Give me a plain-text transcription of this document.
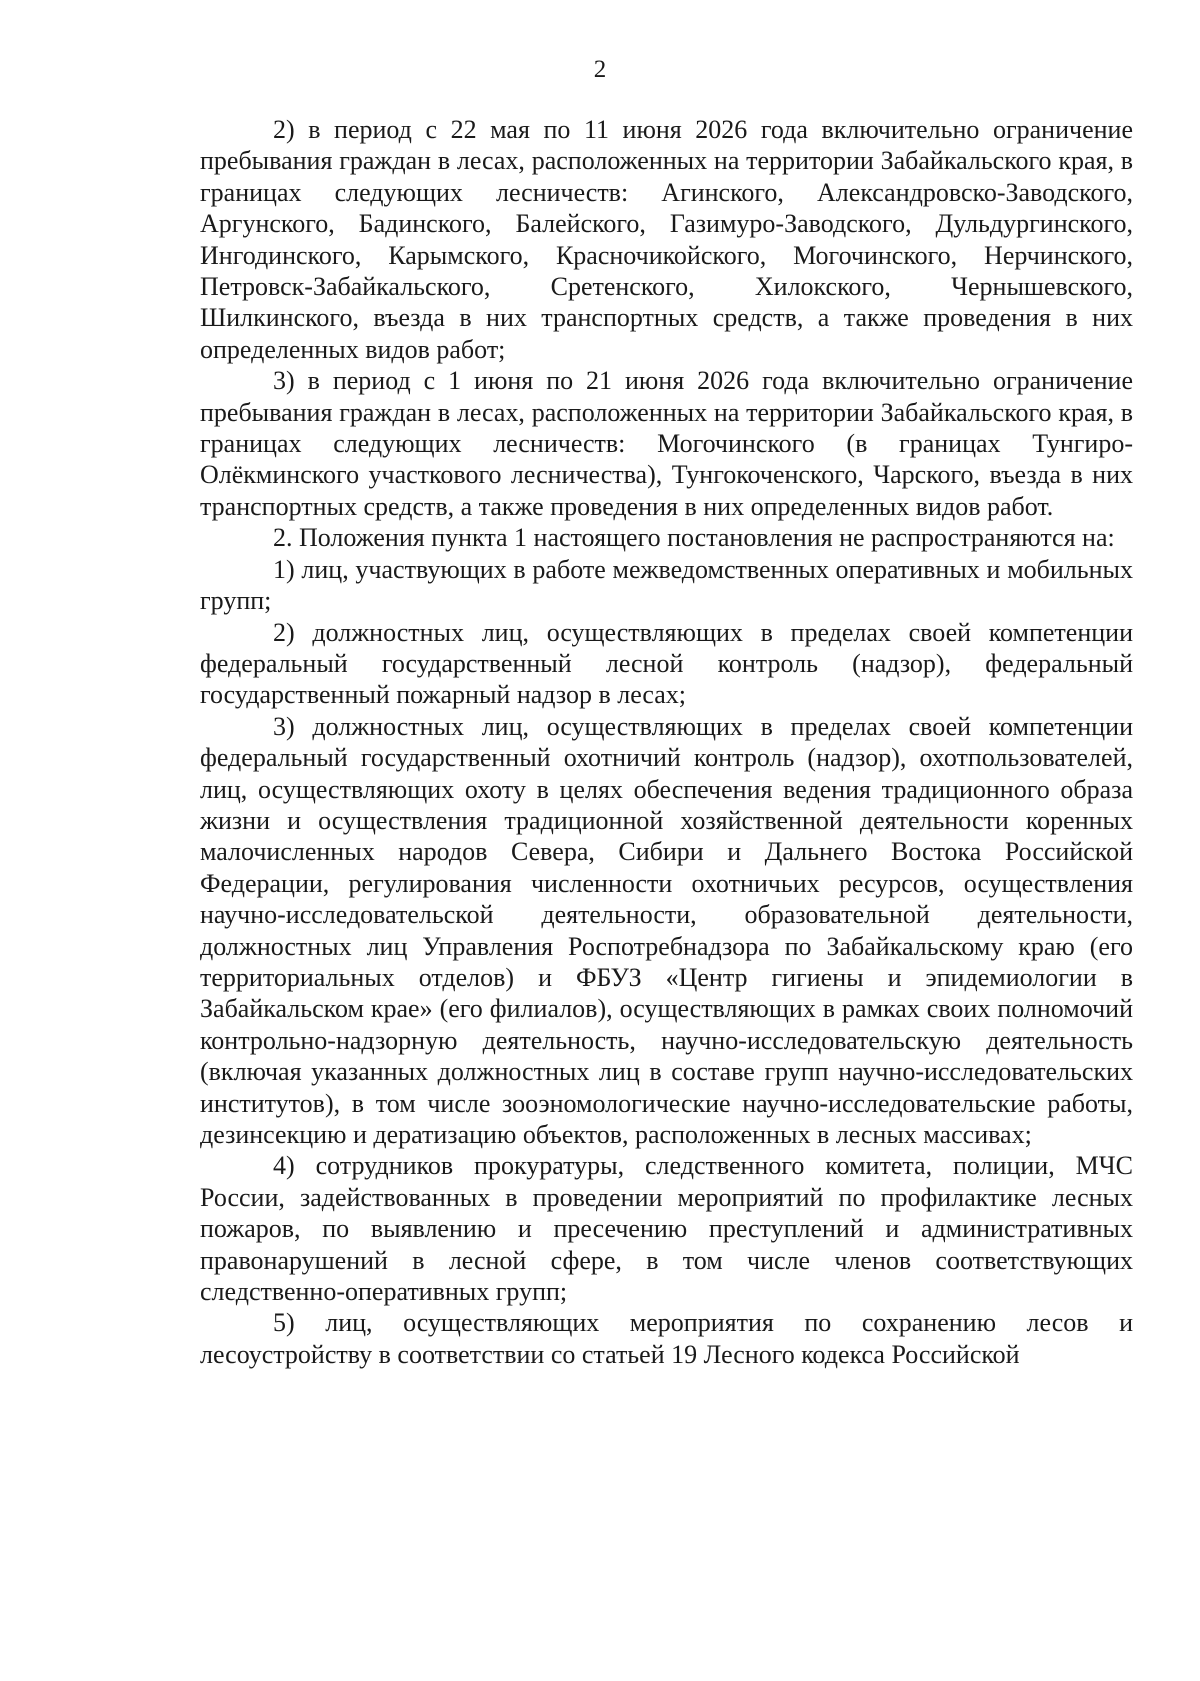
2

2) в период с 22 мая по 11 июня 2026 года включительно ограничение пребывания граждан в лесах, расположенных на территории Забайкальского края, в границах следующих лесничеств: Агинского, Александровско-Заводского, Аргунского, Бадинского, Балейского, Газимуро-Заводского, Дульдургинского, Ингодинского, Карымского, Красночикойского, Могочинского, Нерчинского, Петровск-Забайкальского, Сретенского, Хилокского, Чернышевского, Шилкинского, въезда в них транспортных средств, а также проведения в них определенных видов работ;

3) в период с 1 июня по 21 июня 2026 года включительно ограничение пребывания граждан в лесах, расположенных на территории Забайкальского края, в границах следующих лесничеств: Могочинского (в границах Тунгиро-Олёкминского участкового лесничества), Тунгокоченского, Чарского, въезда в них транспортных средств, а также проведения в них определенных видов работ.

2. Положения пункта 1 настоящего постановления не распространяются на:

1) лиц, участвующих в работе межведомственных оперативных и мобильных групп;

2) должностных лиц, осуществляющих в пределах своей компетенции федеральный государственный лесной контроль (надзор), федеральный государственный пожарный надзор в лесах;

3) должностных лиц, осуществляющих в пределах своей компетенции федеральный государственный охотничий контроль (надзор), охотпользователей, лиц, осуществляющих охоту в целях обеспечения ведения традиционного образа жизни и осуществления традиционной хозяйственной деятельности коренных малочисленных народов Севера, Сибири и Дальнего Востока Российской Федерации, регулирования численности охотничьих ресурсов, осуществления научно-исследовательской деятельности, образовательной деятельности, должностных лиц Управления Роспотребнадзора по Забайкальскому краю (его территориальных отделов) и ФБУЗ «Центр гигиены и эпидемиологии в Забайкальском крае» (его филиалов), осуществляющих в рамках своих полномочий контрольно-надзорную деятельность, научно-исследовательскую деятельность (включая указанных должностных лиц в составе групп научно-исследовательских институтов), в том числе зооэномологические научно-исследовательские работы, дезинсекцию и дератизацию объектов, расположенных в лесных массивах;

4) сотрудников прокуратуры, следственного комитета, полиции, МЧС России, задействованных в проведении мероприятий по профилактике лесных пожаров, по выявлению и пресечению преступлений и административных правонарушений в лесной сфере, в том числе членов соответствующих следственно-оперативных групп;

5) лиц, осуществляющих мероприятия по сохранению лесов и лесоустройству в соответствии со статьей 19 Лесного кодекса Российской
